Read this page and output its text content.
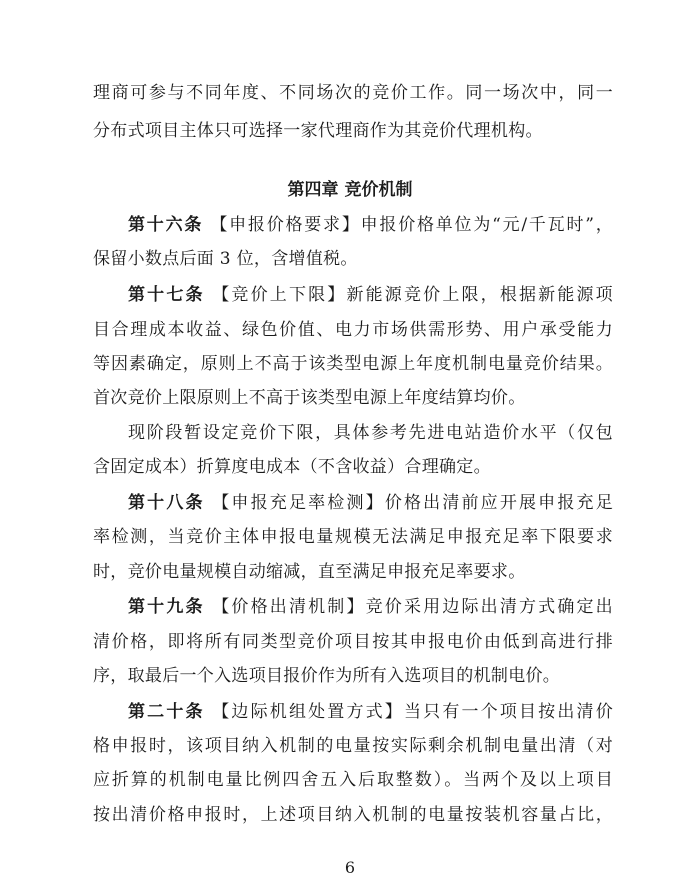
理商可参与不同年度、不同场次的竞价工作。同一场次中，同一
分布式项目主体只可选择一家代理商作为其竞价代理机构。
第四章 竞价机制
第十六条 【申报价格要求】申报价格单位为“元/千瓦时”，
保留小数点后面 3 位，含增值税。
第十七条 【竞价上下限】新能源竞价上限，根据新能源项
目合理成本收益、绿色价值、电力市场供需形势、用户承受能力
等因素确定，原则上不高于该类型电源上年度机制电量竞价结果。
首次竞价上限原则上不高于该类型电源上年度结算均价。
现阶段暂设定竞价下限，具体参考先进电站造价水平（仅包
含固定成本）折算度电成本（不含收益）合理确定。
第十八条 【申报充足率检测】价格出清前应开展申报充足
率检测，当竞价主体申报电量规模无法满足申报充足率下限要求
时，竞价电量规模自动缩减，直至满足申报充足率要求。
第十九条 【价格出清机制】竞价采用边际出清方式确定出
清价格，即将所有同类型竞价项目按其申报电价由低到高进行排
序，取最后一个入选项目报价作为所有入选项目的机制电价。
第二十条 【边际机组处置方式】当只有一个项目按出清价
格申报时，该项目纳入机制的电量按实际剩余机制电量出清（对
应折算的机制电量比例四舍五入后取整数）。当两个及以上项目
按出清价格申报时，上述项目纳入机制的电量按装机容量占比，
6
